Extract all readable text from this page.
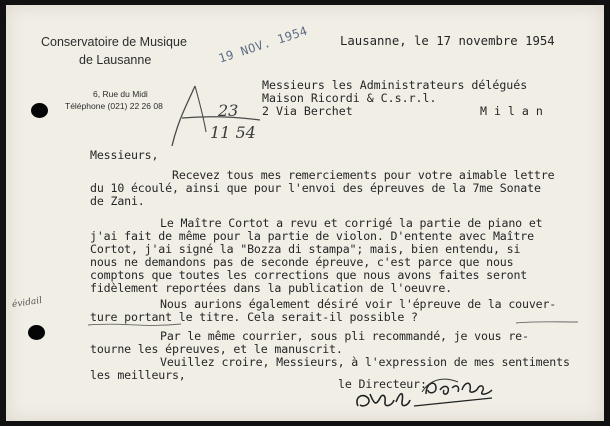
Conservatoire de Musique
de Lausanne
6, Rue du Midi
Téléphone (021) 22 26 08
Lausanne, le 17 novembre 1954
19 NOV. 1954
Messieurs les Administrateurs délégués
Maison Ricordi & C.s.r.l.
2 Via Berchet	M i l a n
23
11 54
évidail
Messieurs,
Recevez tous mes remerciements pour votre aimable lettre
du 10 écoulé, ainsi que pour l'envoi des épreuves de la 7me Sonate
de Zani.
Le Maître Cortot a revu et corrigé la partie de piano et
j'ai fait de même pour la partie de violon. D'entente avec Maître
Cortot, j'ai signé la "Bozza di stampa"; mais, bien entendu, si
nous ne demandons pas de seconde épreuve, c'est parce que nous
comptons que toutes les corrections que nous avons faites seront
fidèlement reportées dans la publication de l'oeuvre.
Nous aurions également désiré voir l'épreuve de la couver-
ture portant le titre. Cela serait-il possible ?
Par le même courrier, sous pli recommandé, je vous re-
tourne les épreuves, et le manuscrit.
Veuillez croire, Messieurs, à l'expression de mes sentiments
les meilleurs,
le Directeur:
